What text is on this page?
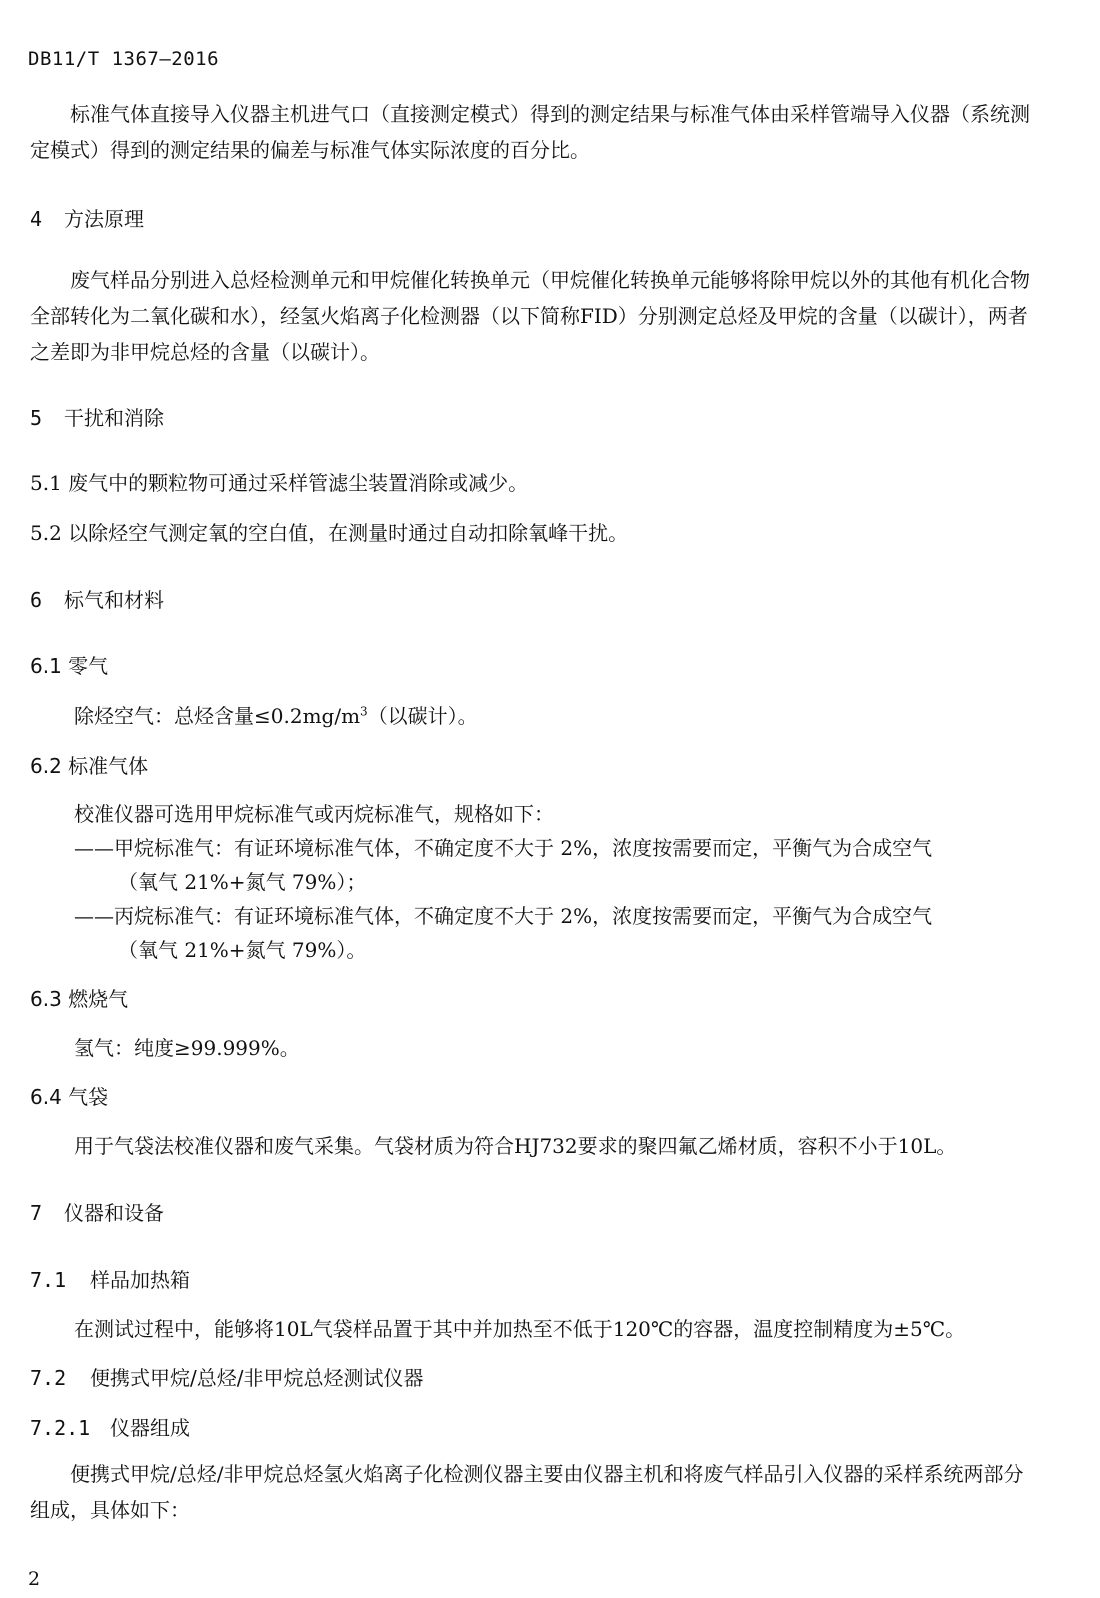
DB11/T 1367—2016
标准气体直接导入仪器主机进气口（直接测定模式）得到的测定结果与标准气体由采样管端导入仪器（系统测定模式）得到的测定结果的偏差与标准气体实际浓度的百分比。
4 方法原理
废气样品分别进入总烃检测单元和甲烷催化转换单元（甲烷催化转换单元能够将除甲烷以外的其他有机化合物全部转化为二氧化碳和水），经氢火焰离子化检测器（以下简称FID）分别测定总烃及甲烷的含量（以碳计），两者之差即为非甲烷总烃的含量（以碳计）。
5 干扰和消除
5.1 废气中的颗粒物可通过采样管滤尘装置消除或减少。
5.2 以除烃空气测定氧的空白值，在测量时通过自动扣除氧峰干扰。
6 标气和材料
6.1 零气
除烃空气：总烃含量$\le 0.2mg/m^3$（以碳计）。
6.2 标准气体
校准仪器可选用甲烷标准气或丙烷标准气，规格如下：
——甲烷标准气：有证环境标准气体，不确定度不大于 2%，浓度按需要而定，平衡气为合成空气
（氧气 21%+氮气 79%）；
——丙烷标准气：有证环境标准气体，不确定度不大于 2%，浓度按需要而定，平衡气为合成空气
（氧气 21%+氮气 79%）。
6.3 燃烧气
氢气：纯度≥99.999%。
6.4 气袋
用于气袋法校准仪器和废气采集。气袋材质为符合HJ732要求的聚四氟乙烯材质，容积不小于10L。
7 仪器和设备
7.1 样品加热箱
在测试过程中，能够将10L气袋样品置于其中并加热至不低于120℃的容器，温度控制精度为±5℃。
7.2 便携式甲烷/总烃/非甲烷总烃测试仪器
7.2.1 仪器组成
便携式甲烷/总烃/非甲烷总烃氢火焰离子化检测仪器主要由仪器主机和将废气样品引入仪器的采样系统两部分组成，具体如下：
2
